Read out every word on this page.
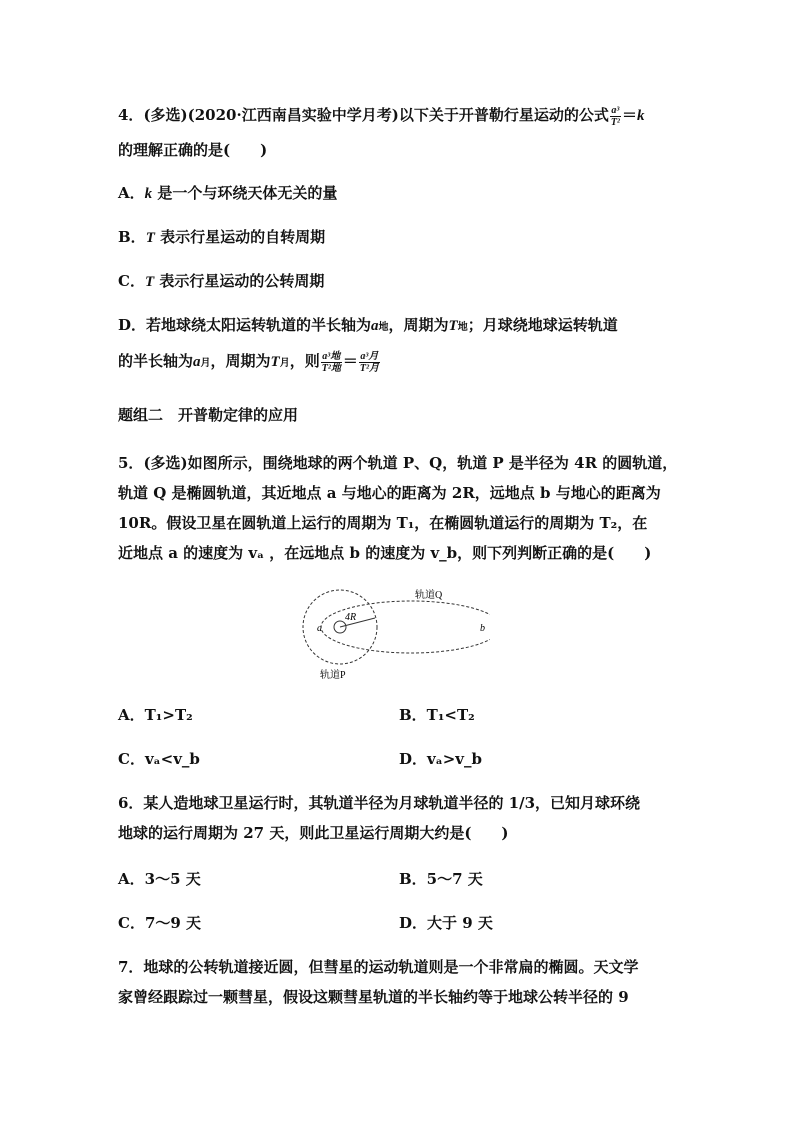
4．(多选)(2020·江西南昌实验中学月考)以下关于开普勒行星运动的公式 $\frac{\text{a³}}{\text{T²}} =k$
的理解正确的是(　　)
A．k 是一个与环绕天体无关的量
B．T 表示行星运动的自转周期
C．T 表示行星运动的公转周期
D．若地球绕太阳运转轨道的半长轴为a地，周期为T地；月球绕地球运转轨道
的半长轴为a月，周期为T月，则 $\frac{\text{a³地}}{\text{T²地}} = \frac{\text{a³月}}{\text{T²月}}$
题组二　开普勒定律的应用
5．(多选)如图所示，围绕地球的两个轨道 P、Q，轨道 P 是半径为 4R 的圆轨道，
轨道 Q 是椭圆轨道，其近地点 a 与地心的距离为 2R，远地点 b 与地心的距离为
10R。假设卫星在圆轨道上运行的周期为 T₁，在椭圆轨道运行的周期为 T₂，在
近地点 a 的速度为 vₐ ，在远地点 b 的速度为 v_b，则下列判断正确的是(　　)
4R
a	b
轨道Q
轨道P
A．T₁>T₂	B．T₁<T₂
C．vₐ<v_b	D．vₐ>v_b
6．某人造地球卫星运行时，其轨道半径为月球轨道半径的 1/3，已知月球环绕
地球的运行周期为 27 天，则此卫星运行周期大约是(　　)
A．3～5 天	B．5～7 天
C．7～9 天	D．大于 9 天
7．地球的公转轨道接近圆，但彗星的运动轨道则是一个非常扁的椭圆。天文学
家曾经跟踪过一颗彗星，假设这颗彗星轨道的半长轴约等于地球公转半径的 9
